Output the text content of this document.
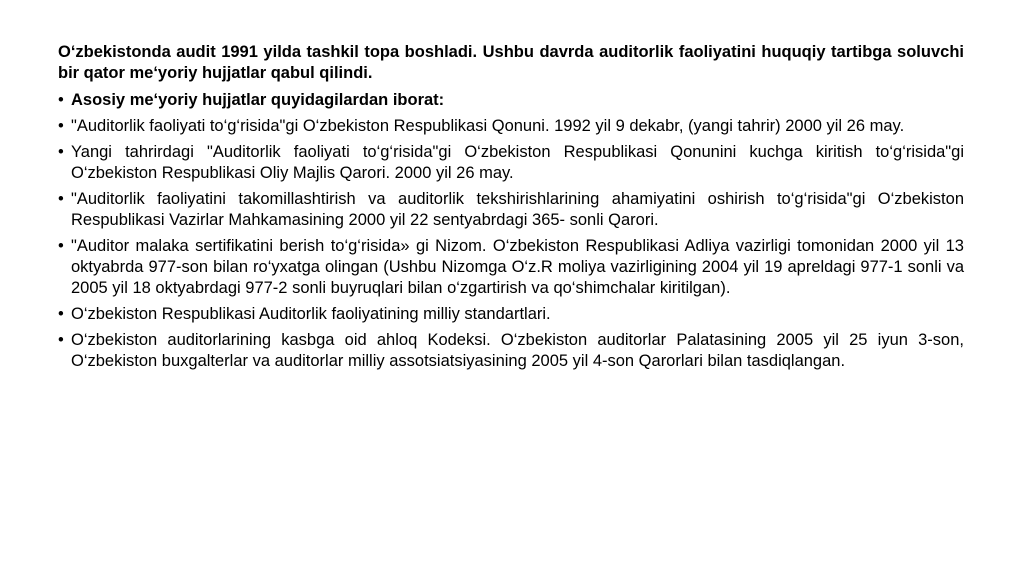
O‘zbekistonda audit 1991 yilda tashkil topa boshladi. Ushbu davrda auditorlik faoliyatini huquqiy tartibga soluvchi bir qator me‘yoriy hujjatlar qabul qilindi.

• Asosiy me‘yoriy hujjatlar quyidagilardan iborat:
• "Auditorlik faoliyati to‘g‘risida"gi O‘zbekiston Respublikasi Qonuni. 1992 yil 9 dekabr, (yangi tahrir) 2000 yil 26 may.
• Yangi tahrirdagi "Auditorlik faoliyati to‘g‘risida"gi O‘zbekiston Respublikasi Qonunini kuchga kiritish to‘g‘risida"gi O‘zbekiston Respublikasi Oliy Majlis Qarori. 2000 yil 26 may.
• "Auditorlik faoliyatini takomillashtirish va auditorlik tekshirishlarining ahamiyatini oshirish to‘g‘risida"gi O‘zbekiston Respublikasi Vazirlar Mahkamasining 2000 yil 22 sentyabrdagi 365- sonli Qarori.
• "Auditor malaka sertifikatini berish to‘g‘risida» gi Nizom. O‘zbekiston Respublikasi Adliya vazirligi tomonidan 2000 yil 13 oktyabrda 977-son bilan ro‘yxatga olingan (Ushbu Nizomga O‘z.R moliya vazirligining 2004 yil 19 apreldagi 977-1 sonli va 2005 yil 18 oktyabrdagi 977-2 sonli buyruqlari bilan o‘zgartirish va qo‘shimchalar kiritilgan).
• O‘zbekiston Respublikasi Auditorlik faoliyatining milliy standartlari.
• O‘zbekiston auditorlarining kasbga oid ahloq Kodeksi. O‘zbekiston auditorlar Palatasining 2005 yil 25 iyun 3-son, O‘zbekiston buxgalterlar va auditorlar milliy assotsiatsiyasining 2005 yil 4-son Qarorlari bilan tasdiqlangan.
